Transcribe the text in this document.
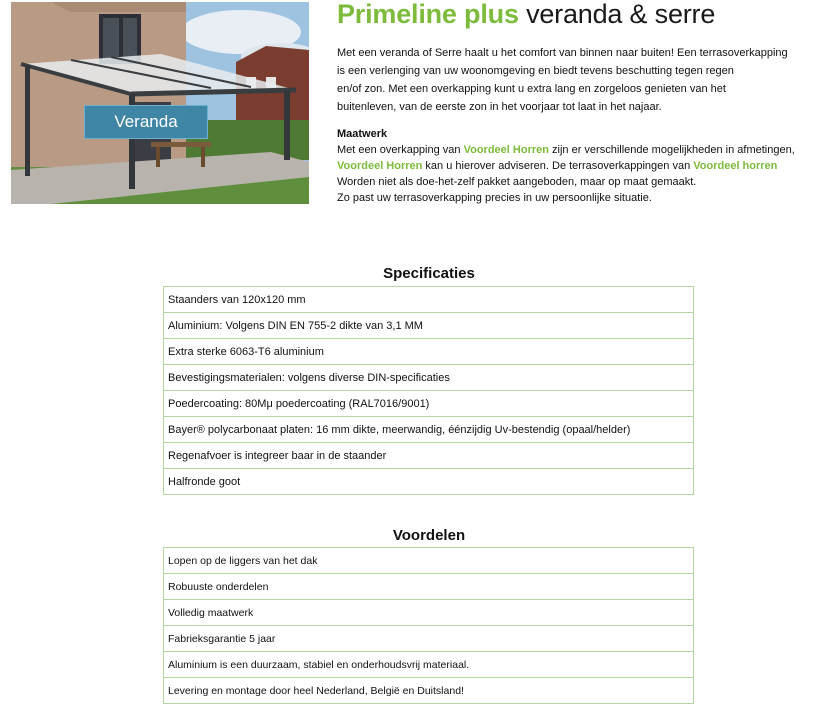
Veranda
Primeline plus veranda & serre
Met een veranda of Serre haalt u het comfort van binnen naar buiten! Een terrasoverkapping
is een verlenging van uw woonomgeving en biedt tevens beschutting tegen regen
en/of zon. Met een overkapping kunt u extra lang en zorgeloos genieten van het
buitenleven, van de eerste zon in het voorjaar tot laat in het najaar.
Maatwerk
Met een overkapping van Voordeel Horren zijn er verschillende mogelijkheden in afmetingen,
Voordeel Horren kan u hierover adviseren. De terrasoverkappingen van Voordeel horren
Worden niet als doe-het-zelf pakket aangeboden, maar op maat gemaakt.
Zo past uw terrasoverkapping precies in uw persoonlijke situatie.
Specificaties
Staanders van 120x120 mm
Aluminium: Volgens DIN EN 755-2 dikte van 3,1 MM
Extra sterke 6063-T6 aluminium
Bevestigingsmaterialen: volgens diverse DIN-specificaties
Poedercoating: 80Mμ poedercoating (RAL7016/9001)
Bayer® polycarbonaat platen: 16 mm dikte, meerwandig, éénzijdig Uv-bestendig (opaal/helder)
Regenafvoer is integreer baar in de staander
Halfronde goot
Voordelen
Lopen op de liggers van het dak
Robuuste onderdelen
Volledig maatwerk
Fabrieksgarantie 5 jaar
Aluminium is een duurzaam, stabiel en onderhoudsvrij materiaal.
Levering en montage door heel Nederland, België en Duitsland!
